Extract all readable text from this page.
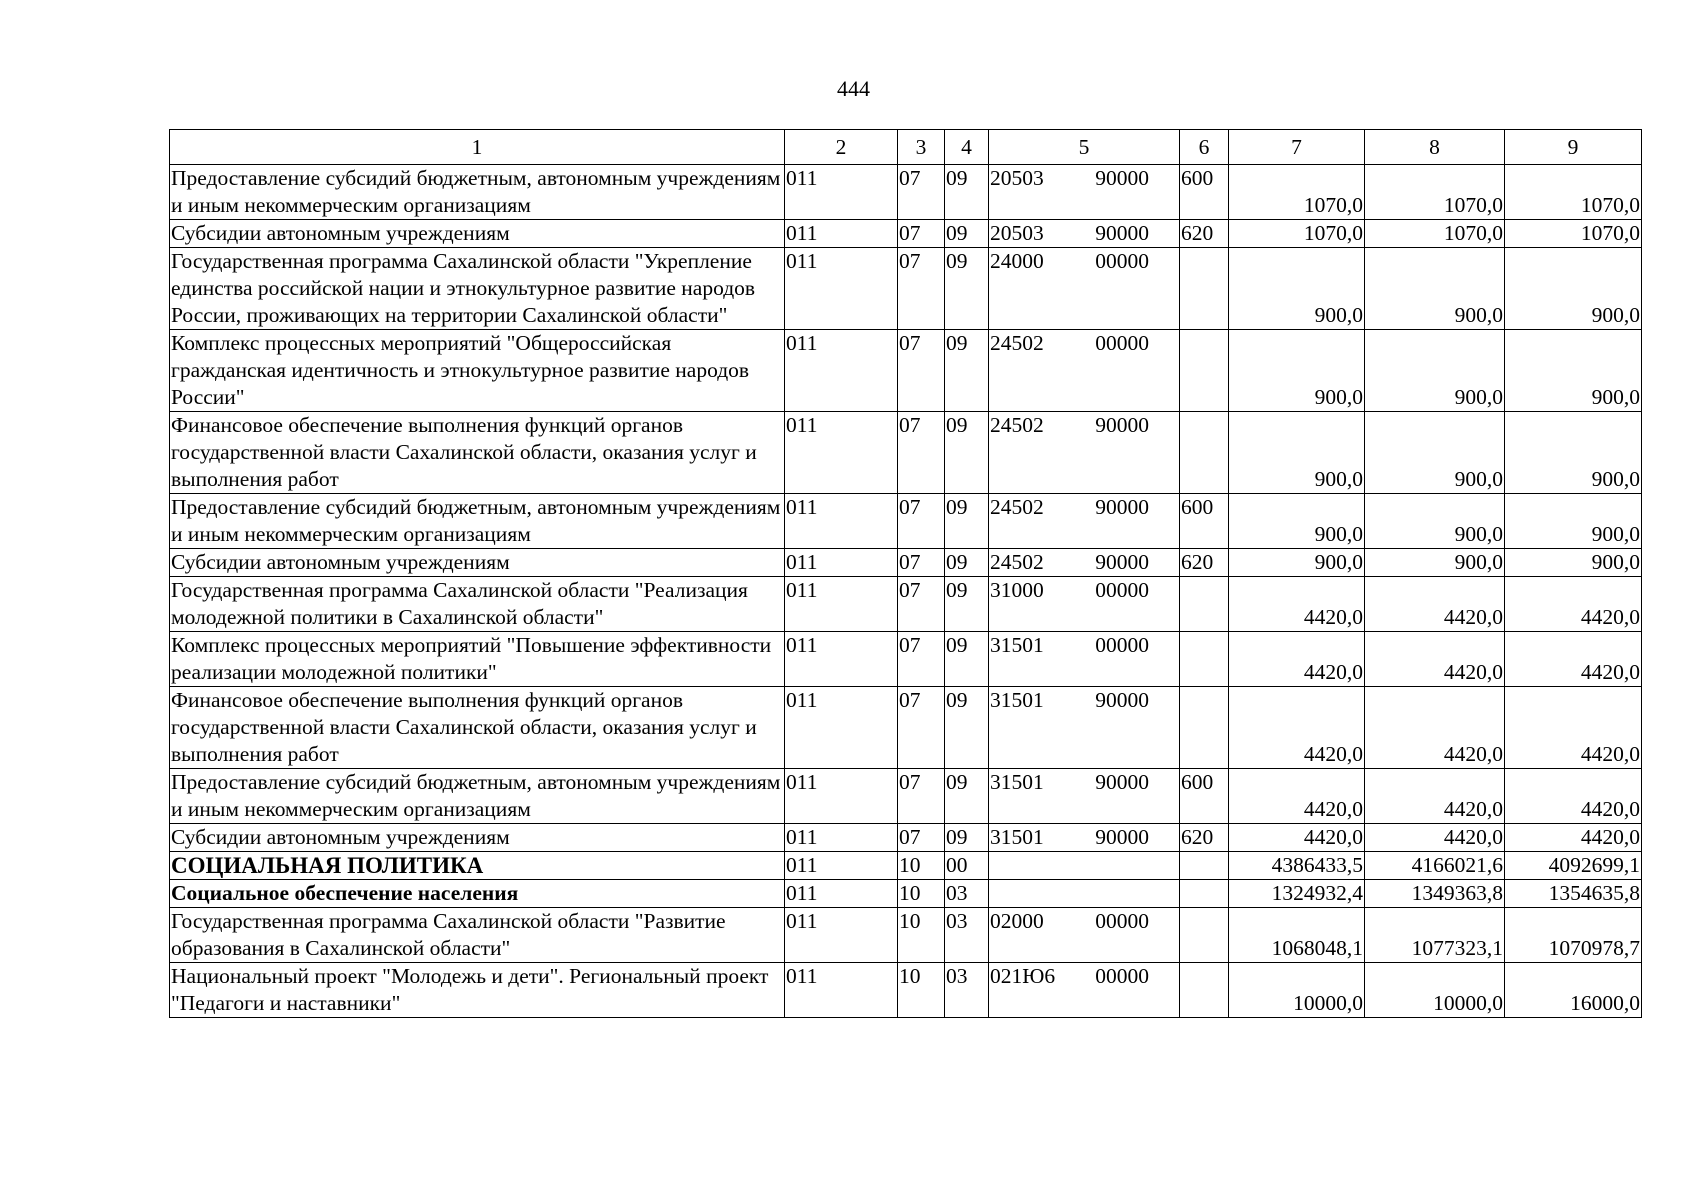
444
1	2	3	4	5	6	7	8	9
Предоставление субсидий бюджетным, автономным учреждениям и иным некоммерческим организациям	011	07	09	20503 90000	600	1070,0	1070,0	1070,0
Субсидии автономным учреждениям	011	07	09	20503 90000	620	1070,0	1070,0	1070,0
Государственная программа Сахалинской области "Укрепление единства российской нации и этнокультурное развитие народов России, проживающих на территории Сахалинской области"	011	07	09	24000 00000		900,0	900,0	900,0
Комплекс процессных мероприятий "Общероссийская гражданская идентичность и этнокультурное развитие народов России"	011	07	09	24502 00000		900,0	900,0	900,0
Финансовое обеспечение выполнения функций органов государственной власти Сахалинской области, оказания услуг и выполнения работ	011	07	09	24502 90000		900,0	900,0	900,0
Предоставление субсидий бюджетным, автономным учреждениям и иным некоммерческим организациям	011	07	09	24502 90000	600	900,0	900,0	900,0
Субсидии автономным учреждениям	011	07	09	24502 90000	620	900,0	900,0	900,0
Государственная программа Сахалинской области "Реализация молодежной политики в Сахалинской области"	011	07	09	31000 00000		4420,0	4420,0	4420,0
Комплекс процессных мероприятий "Повышение эффективности реализации молодежной политики"	011	07	09	31501 00000		4420,0	4420,0	4420,0
Финансовое обеспечение выполнения функций органов государственной власти Сахалинской области, оказания услуг и выполнения работ	011	07	09	31501 90000		4420,0	4420,0	4420,0
Предоставление субсидий бюджетным, автономным учреждениям и иным некоммерческим организациям	011	07	09	31501 90000	600	4420,0	4420,0	4420,0
Субсидии автономным учреждениям	011	07	09	31501 90000	620	4420,0	4420,0	4420,0
СОЦИАЛЬНАЯ ПОЛИТИКА	011	10	00			4386433,5	4166021,6	4092699,1
Социальное обеспечение населения	011	10	03			1324932,4	1349363,8	1354635,8
Государственная программа Сахалинской области "Развитие образования в Сахалинской области"	011	10	03	02000 00000		1068048,1	1077323,1	1070978,7
Национальный проект "Молодежь и дети". Региональный проект "Педагоги и наставники"	011	10	03	021Ю6 00000		10000,0	10000,0	16000,0
